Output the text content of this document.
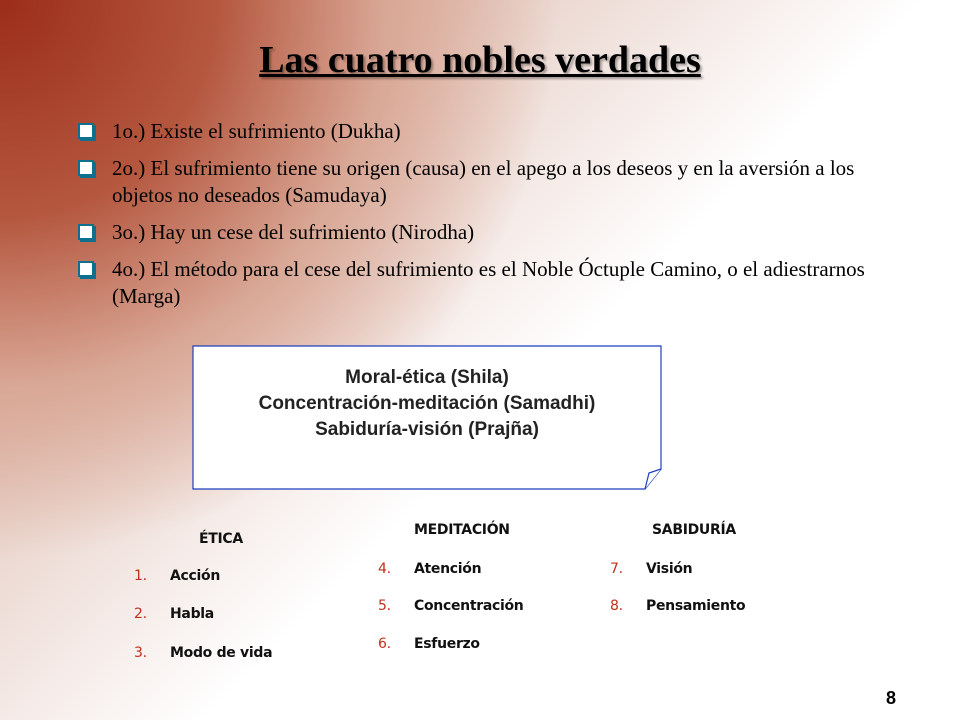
Las cuatro nobles verdades
1o.) Existe el sufrimiento (Dukha)
2o.) El sufrimiento tiene su origen (causa) en el apego a los deseos y en la aversión a los objetos no deseados (Samudaya)
3o.) Hay un cese del sufrimiento (Nirodha)
4o.) El método para el cese del sufrimiento es el Noble Óctuple Camino, o el adiestrarnos (Marga)
Moral-ética (Shila)
Concentración-meditación (Samadhi)
Sabiduría-visión (Prajña)
ÉTICA
1. Acción
2. Habla
3. Modo de vida
MEDITACIÓN
4. Atención
5. Concentración
6. Esfuerzo
SABIDURÍA
7. Visión
8. Pensamiento
8
